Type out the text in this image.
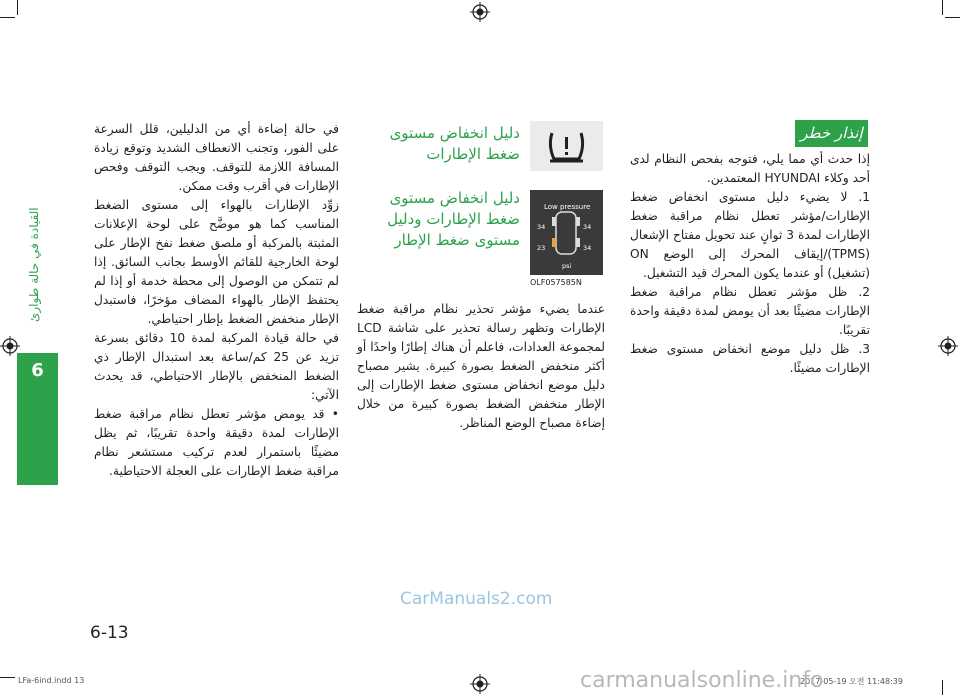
القيادة في حالة طوارئ
6
إنذار خطر

إذا حدث أي مما يلي، فتوجه بفحص النظام لدى أحد وكلاء HYUNDAI المعتمدين.

1. لا يضيء دليل مستوى انخفاض ضغط الإطارات/مؤشر تعطل نظام مراقبة ضغط الإطارات لمدة 3 ثوانٍ عند تحويل مفتاح الإشعال (TPMS)/إيقاف المحرك إلى الوضع ON (تشغيل) أو عندما يكون المحرك قيد التشغيل.

2. ظل مؤشر تعطل نظام مراقبة ضغط الإطارات مضيئًا بعد أن يومض لمدة دقيقة واحدة تقريبًا.

3. ظل دليل موضع انخفاض مستوى ضغط الإطارات مضيئًا.

دليل انخفاض مستوى ضغط الإطارات
Low pressure
34	34
23	34
psi
OLF057585N
دليل انخفاض مستوى ضغط الإطارات ودليل مستوى ضغط الإطار

عندما يضيء مؤشر تحذير نظام مراقبة ضغط الإطارات وتظهر رسالة تحذير على شاشة LCD لمجموعة العدادات، فاعلم أن هناك إطارًا واحدًا أو أكثر منخفض الضغط بصورة كبيرة. يشير مصباح دليل موضع انخفاض مستوى ضغط الإطارات إلى الإطار منخفض الضغط بصورة كبيرة من خلال إضاءة مصباح الوضع المناظر.

في حالة إضاءة أي من الدليلين، قلل السرعة على الفور، وتجنب الانعطاف الشديد وتوقع زيادة المسافة اللازمة للتوقف. ويجب التوقف وفحص الإطارات في أقرب وقت ممكن.

زوِّد الإطارات بالهواء إلى مستوى الضغط المناسب كما هو موضَّح على لوحة الإعلانات المثبتة بالمركبة أو ملصق ضغط نفخ الإطار على لوحة الخارجية للقائم الأوسط بجانب السائق. إذا لم تتمكن من الوصول إلى محطة خدمة أو إذا لم يحتفظ الإطار بالهواء المضاف مؤخرًا، فاستبدل الإطار منخفض الضغط بإطار احتياطي.

في حالة قيادة المركبة لمدة 10 دقائق بسرعة تزيد عن 25 كم/ساعة بعد استبدال الإطار ذي الضغط المنخفض بالإطار الاحتياطي، قد يحدث الآتي:

• قد يومض مؤشر تعطل نظام مراقبة ضغط الإطارات لمدة دقيقة واحدة تقريبًا، ثم يظل مضيئًا باستمرار لعدم تركيب مستشعر نظام مراقبة ضغط الإطارات على العجلة الاحتياطية.

CarManuals2.com
6-13
LFa-6ind.indd 13	2017-05-19 오전 11:48:39
carmanualsonline.info
